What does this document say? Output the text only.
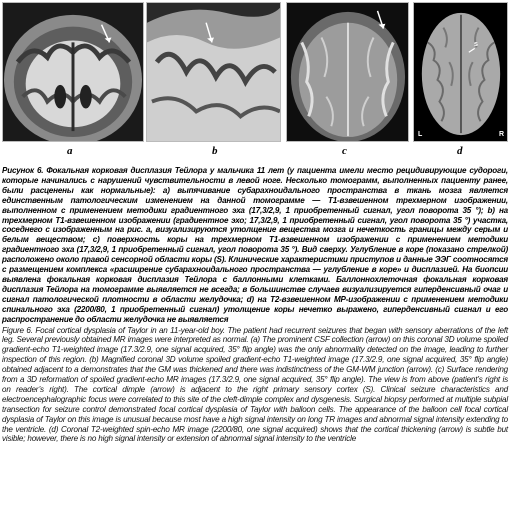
s
L	R
a	b	c	d

Рисунок 6. Фокальная корковая дисплазия Тейлора у мальчика 11 лет (у пациента имели место рецидивирующие судороги, которые начинались с нарушений чувствительности в левой ноге. Несколько томограмм, выполненных пациенту ранее, были расценены как нормальные): a) выпячивание субарахноидального пространства в ткань мозга является единственным патологическим изменением на данной томограмме — Т1-взвешенном трехмерном изображении, выполненном с применением методики градиентного эха (17,3/2,9, 1 приобретенный сигнал, угол поворота 35 °); b) на трехмерном Т1-взвешенном изображении (градиентное эхо; 17,3/2,9, 1 приобретенный сигнал, угол поворота 35 °) участка, соседнего с изображенным на рис. a, визуализируются утолщение вещества мозга и нечеткость границы между серым и белым веществом; c) поверхность коры на трехмерном Т1-взвешенном изображении с применением методики градиентного эха (17,3/2,9, 1 приобретенный сигнал, угол поворота 35 °). Вид сверху. Углубление в коре (показано стрелкой) расположено около правой сенсорной области коры (S). Клинические характеристики приступов и данные ЭЭГ соотносятся с размещением комплекса «расширение субарахноидального пространства — углубление в коре» и дисплазией. На биопсии выявлена фокальная корковая дисплазия Тейлора с баллонными клетками. Баллоннохлеточная фокальная корковая дисплазия Тейлора на томограмме выявляется не всегда; в большинстве случаев визуализируется гиперденсивный очаг и сигнал патологической плотности в области желудочка; d) на Т2-взвешенном МР-изображении с применением методики спинального эха (2200/80, 1 приобретенный сигнал) утолщение коры нечетко выражено, гиперденсивный сигнал и его распространение до области желудочка не выявляется

Figure 6. Focal cortical dysplasia of Taylor in an 11-year-old boy. The patient had recurrent seizures that began with sensory aberrations of the left leg. Several previously obtained MR images were interpreted as normal. (a) The prominent CSF collection (arrow) on this coronal 3D volume spoiled gradient-echo T1-weighted image (17.3/2.9, one signal acquired, 35° flip angle) was the only abnormality detected on the image, leading to further inspection of this region. (b) Magnified coronal 3D volume spoiled gradient-echo T1-weighted image (17.3/2.9, one signal acquired, 35° flip angle) obtained adjacent to a demonstrates that the GM was thickened and there was indistinctness of the GM-WM junction (arrow). (c) Surface rendering from a 3D reformation of spoiled gradient-echo MR images (17.3/2.9, one signal acquired, 35° flip angle). The view is from above (patient’s right is on reader’s right). The cortical dimple (arrow) is adjacent to the right primary sensory cortex (S). Clinical seizure characteristics and electroencephalographic focus were correlated to this site of the cleft-dimple complex and dysgenesis. Surgical biopsy performed at multiple subpial transection for seizure control demonstrated focal cortical dysplasia of Taylor with balloon cells. The appearance of the balloon cell focal cortical dysplasia of Taylor on this image is unusual because most have a high signal intensity on long TR images and abnormal signal intensity extending to the ventricle. (d) Coronal T2-weighted spin-echo MR image (2200/80, one signal acquired) shows that the cortical thickening (arrow) is subtle but visible; however, there is no high signal intensity or extension of abnormal signal intensity to the ventricle
